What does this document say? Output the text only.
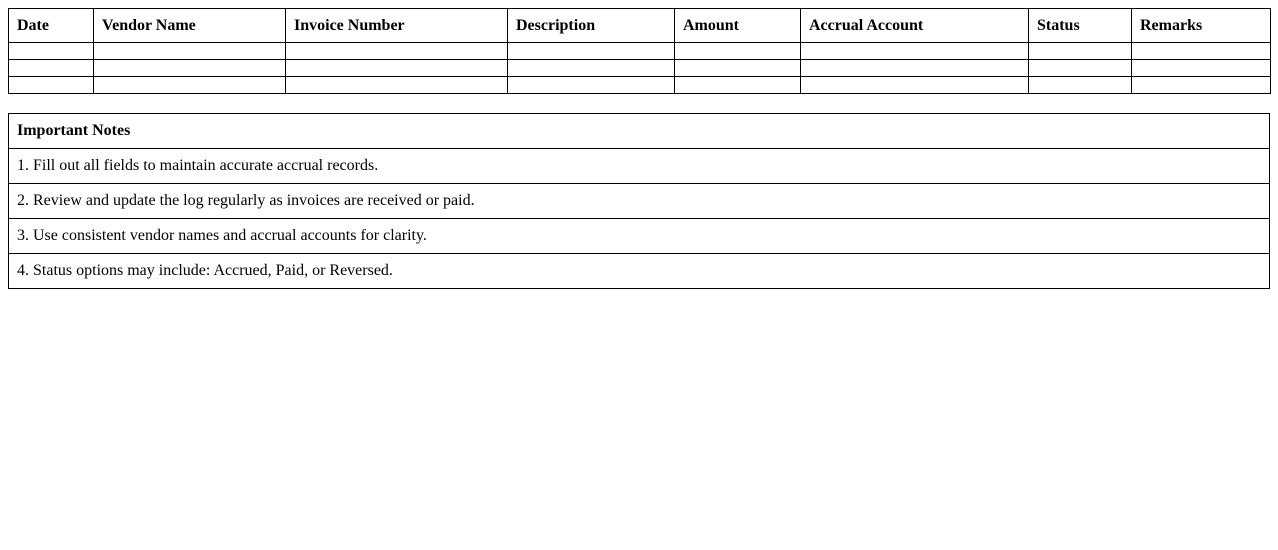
Date	Vendor Name	Invoice Number	Description	Amount	Accrual Account	Status	Remarks

Important Notes
1. Fill out all fields to maintain accurate accrual records.
2. Review and update the log regularly as invoices are received or paid.
3. Use consistent vendor names and accrual accounts for clarity.
4. Status options may include: Accrued, Paid, or Reversed.
